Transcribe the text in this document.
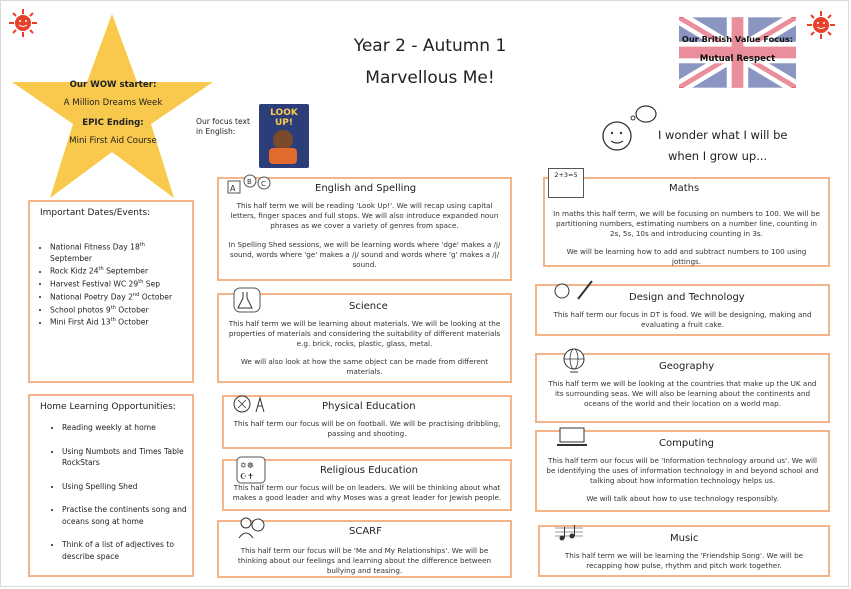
Our WOW starter:
A Million Dreams Week
EPIC Ending:
Mini First Aid Course
Year 2 - Autumn 1
Marvellous Me!
Our focus text
in English:
LOOK UP!
Our British Value Focus:
Mutual Respect
I wonder what I will be
when I grow up...
Important Dates/Events:
• National Fitness Day 18th
September
• Rock Kidz 24th September
• Harvest Festival WC 29th Sep
• National Poetry Day 2nd October
• School photos 9th October
• Mini First Aid 13th October
Home Learning Opportunities:
• Reading weekly at home
• Using Numbots and Times Table RockStars
• Using Spelling Shed
• Practise the continents song and oceans song at home
• Think of a list of adjectives to describe space
English and Spelling
This half term we will be reading 'Look Up!'. We will recap using capital letters, finger spaces and full stops. We will also introduce expanded noun phrases as we cover a variety of genres from space.
In Spelling Shed sessions, we will be learning words where 'dge' makes a /j/ sound, words where 'ge' makes a /j/ sound and words where 'g' makes a /j/ sound.
A
B C
Science
This half term we will be learning about materials. We will be looking at the properties of materials and considering the suitability of different materials e.g. brick, rocks, plastic, glass, metal.
We will also look at how the same object can be made from different materials.
Physical Education
This half term our focus will be on football. We will be practising dribbling, passing and shooting.
Religious Education
This half term our focus will be on leaders. We will be thinking about what makes a good leader and why Moses was a great leader for Jewish people.
✡☸
☪✝
SCARF
This half term our focus will be 'Me and My Relationships'. We will be thinking about our feelings and learning about the difference between bullying and teasing.
Maths
In maths this half term, we will be focusing on numbers to 100. We will be partitioning numbers, estimating numbers on a number line, counting in 2s, 5s, 10s and introducing counting in 3s.
We will be learning how to add and subtract numbers to 100 using jottings.
2+3=5
Design and Technology
This half term our focus in DT is food. We will be designing, making and evaluating a fruit cake.
Geography
This half term we will be looking at the countries that make up the UK and its surrounding seas. We will also be learning about the continents and oceans of the world and their location on a world map.
Computing
This half term our focus will be 'Information technology around us'. We will be identifying the uses of information technology in and beyond school and talking about how information technology helps us.
We will talk about how to use technology responsibly.
Music
This half term we will be learning the 'Friendship Song'. We will be recapping how pulse, rhythm and pitch work together.
